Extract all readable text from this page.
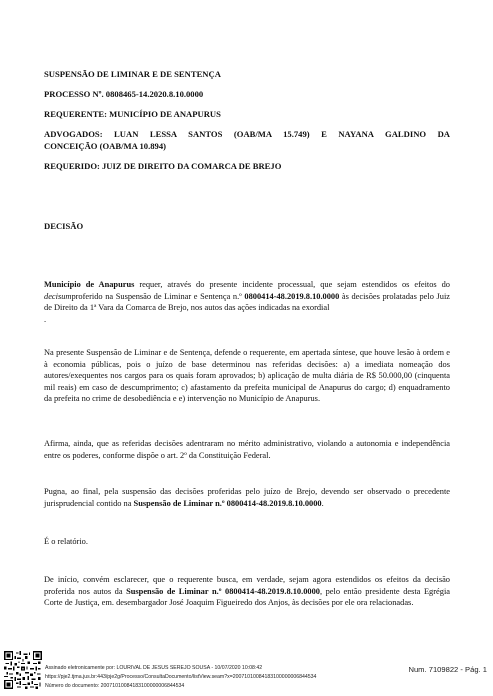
SUSPENSÃO DE LIMINAR E DE SENTENÇA
PROCESSO Nº. 0808465-14.2020.8.10.0000
REQUERENTE: MUNICÍPIO DE ANAPURUS
ADVOGADOS: LUAN LESSA SANTOS (OAB/MA 15.749) E NAYANA GALDINO DA
CONCEIÇÃO (OAB/MA 10.894)
REQUERIDO: JUIZ DE DIREITO DA COMARCA DE BREJO
DECISÃO
Município de Anapurus requer, através do presente incidente processual, que sejam estendidos os efeitos do decisumproferido na Suspensão de Liminar e Sentença n.º 0800414-48.2019.8.10.0000 às decisões prolatadas pelo Juiz de Direito da 1ª Vara da Comarca de Brejo, nos autos das ações indicadas na exordial
.
Na presente Suspensão de Liminar e de Sentença, defende o requerente, em apertada síntese, que houve lesão à ordem e à economia públicas, pois o juízo de base determinou nas referidas decisões: a) a imediata nomeação dos autores/exequentes nos cargos para os quais foram aprovados; b) aplicação de multa diária de R$ 50.000,00 (cinquenta mil reais) em caso de descumprimento; c) afastamento da prefeita municipal de Anapurus do cargo; d) enquadramento da prefeita no crime de desobediência e e) intervenção no Município de Anapurus.
Afirma, ainda, que as referidas decisões adentraram no mérito administrativo, violando a autonomia e independência entre os poderes, conforme dispõe o art. 2º da Constituição Federal.
Pugna, ao final, pela suspensão das decisões proferidas pelo juízo de Brejo, devendo ser observado o precedente jurisprudencial contido na Suspensão de Liminar n.º 0800414-48.2019.8.10.0000.
É o relatório.
De início, convém esclarecer, que o requerente busca, em verdade, sejam agora estendidos os efeitos da decisão proferida nos autos da Suspensão de Liminar n.º 0800414-48.2019.8.10.0000, pelo então presidente desta Egrégia Corte de Justiça, em. desembargador José Joaquim Figueiredo dos Anjos, às decisões por ele ora relacionadas.
Assinado eletronicamente por: LOURIVAL DE JESUS SEREJO SOUSA - 10/07/2020 10:08:42
https://pje2.tjma.jus.br:443/pje2g/Processo/ConsultaDocumento/listView.seam?x=20071010084183100000006844534
Número do documento: 20071010084183100000006844534
Num. 7109822 - Pág. 1
